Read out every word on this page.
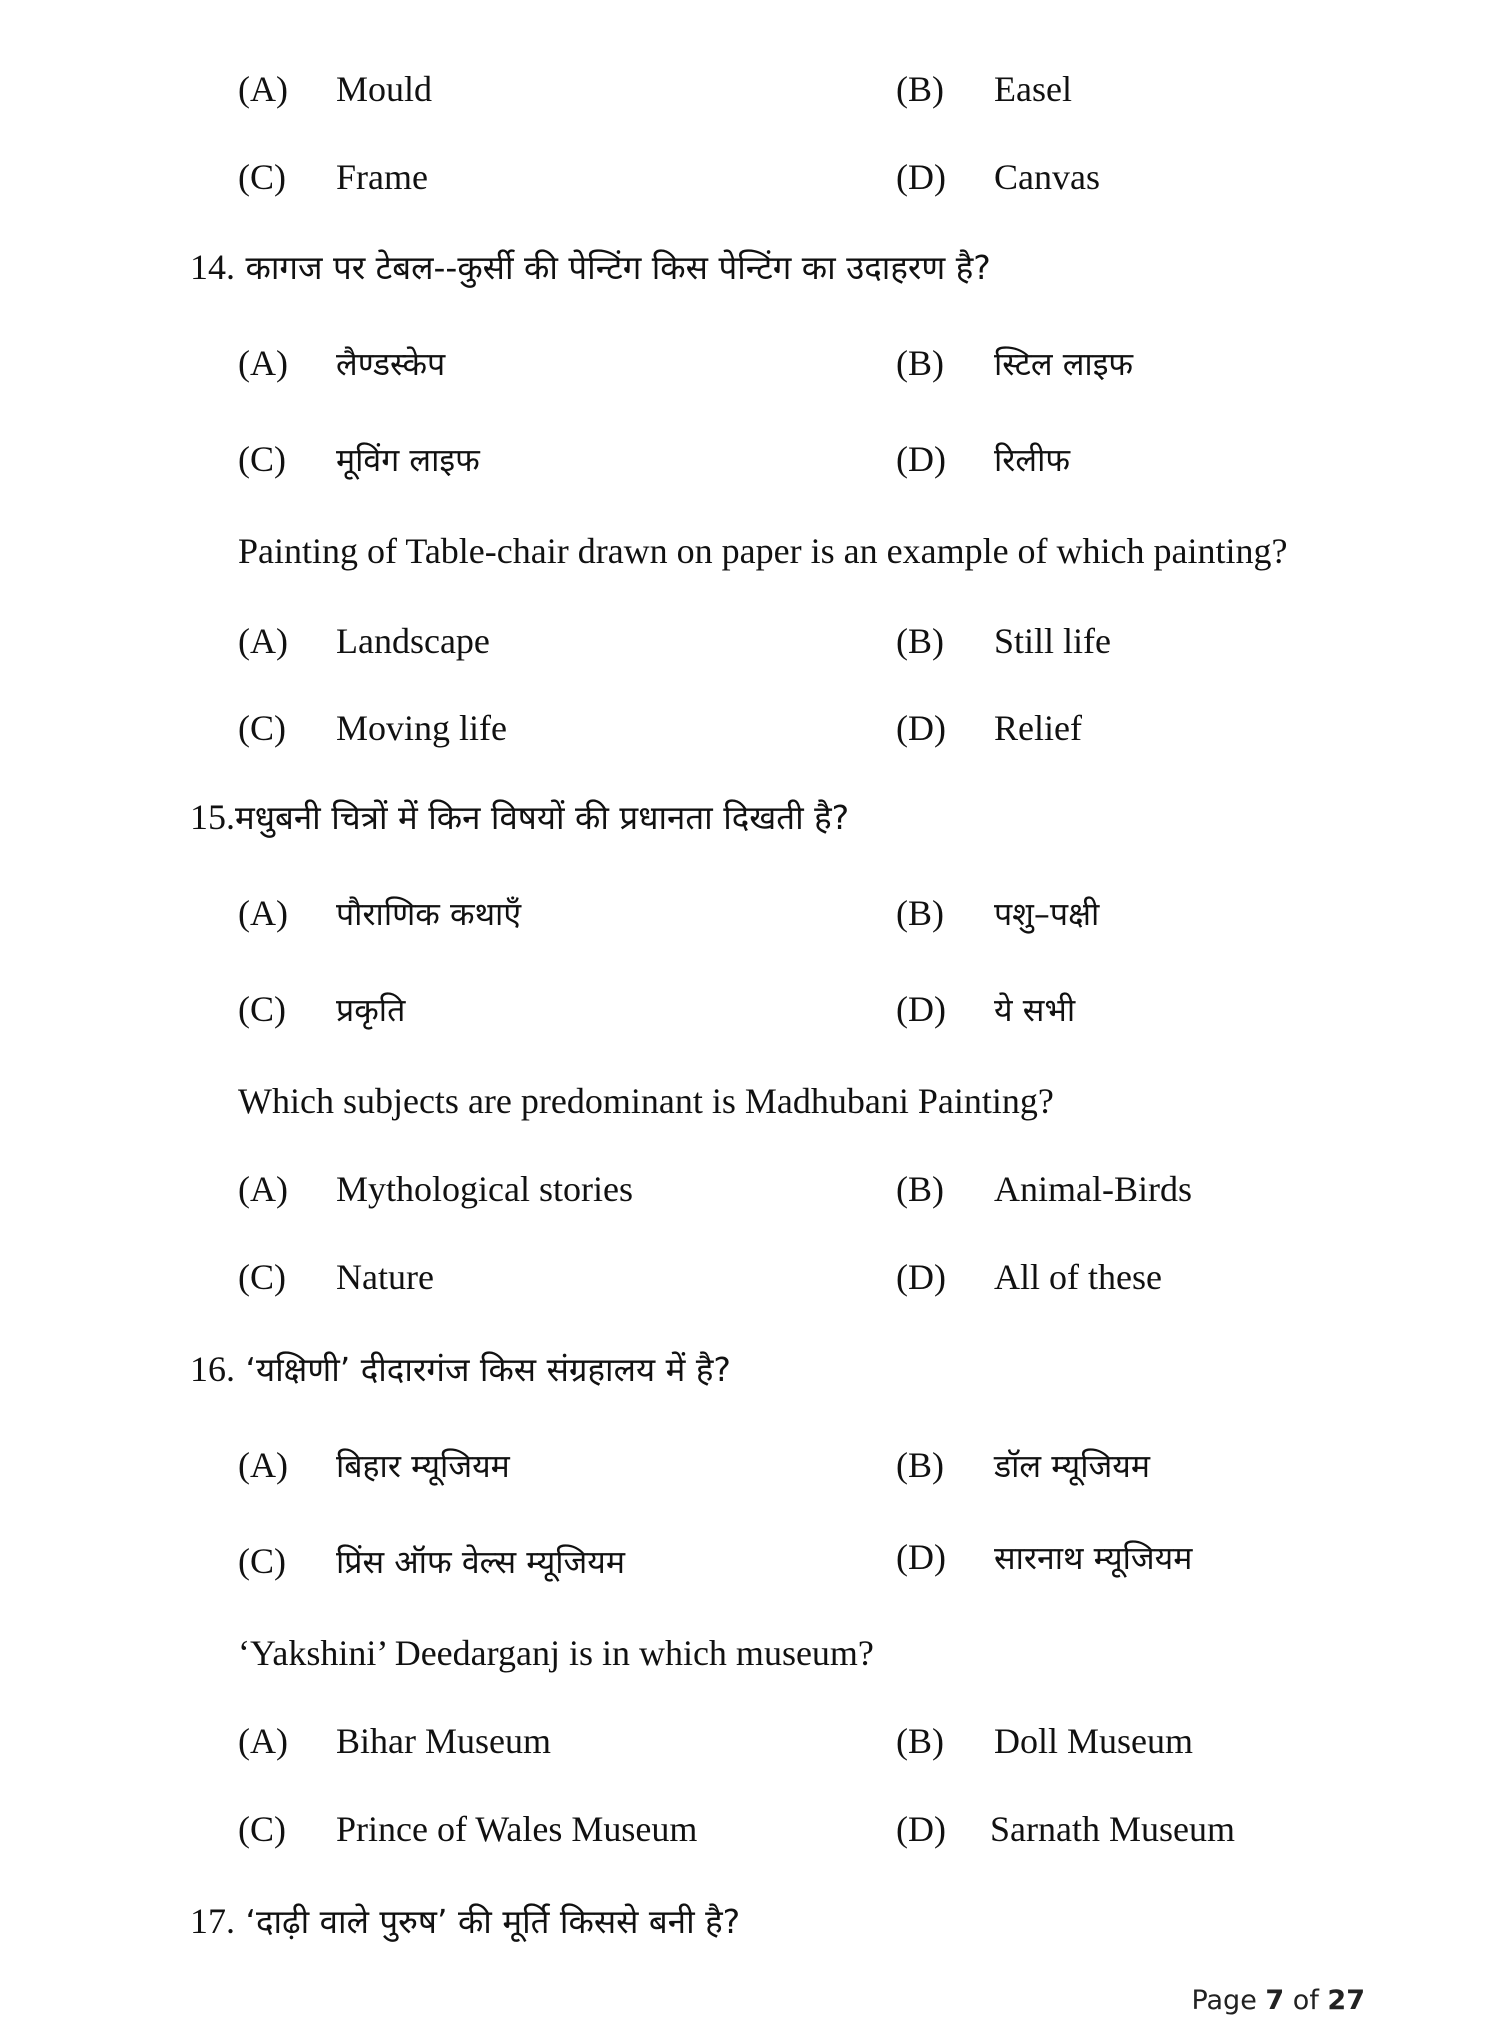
(A) Mould	(B) Easel
(C) Frame	(D) Canvas
14. कागज पर टेबल--कुर्सी की पेन्टिंग किस पेन्टिंग का उदाहरण है?
(A) लैण्डस्केप	(B) स्टिल लाइफ
(C) मूविंग लाइफ	(D) रिलीफ
Painting of Table-chair drawn on paper is an example of which painting?
(A) Landscape	(B) Still life
(C) Moving life	(D) Relief
15.मधुबनी चित्रों में किन विषयों की प्रधानता दिखती है?
(A) पौराणिक कथाएँ	(B) पशु–पक्षी
(C) प्रकृति	(D) ये सभी
Which subjects are predominant is Madhubani Painting?
(A) Mythological stories	(B) Animal-Birds
(C) Nature	(D) All of these
16. ‘यक्षिणी’ दीदारगंज किस संग्रहालय में है?
(A) बिहार म्यूजियम	(B) डॉल म्यूजियम
(C) प्रिंस ऑफ वेल्स म्यूजियम	(D) सारनाथ म्यूजियम
‘Yakshini’ Deedarganj is in which museum?
(A) Bihar Museum	(B) Doll Museum
(C) Prince of Wales Museum	(D) Sarnath Museum
17. ‘दाढ़ी वाले पुरुष’ की मूर्ति किससे बनी है?
Page 7 of 27
